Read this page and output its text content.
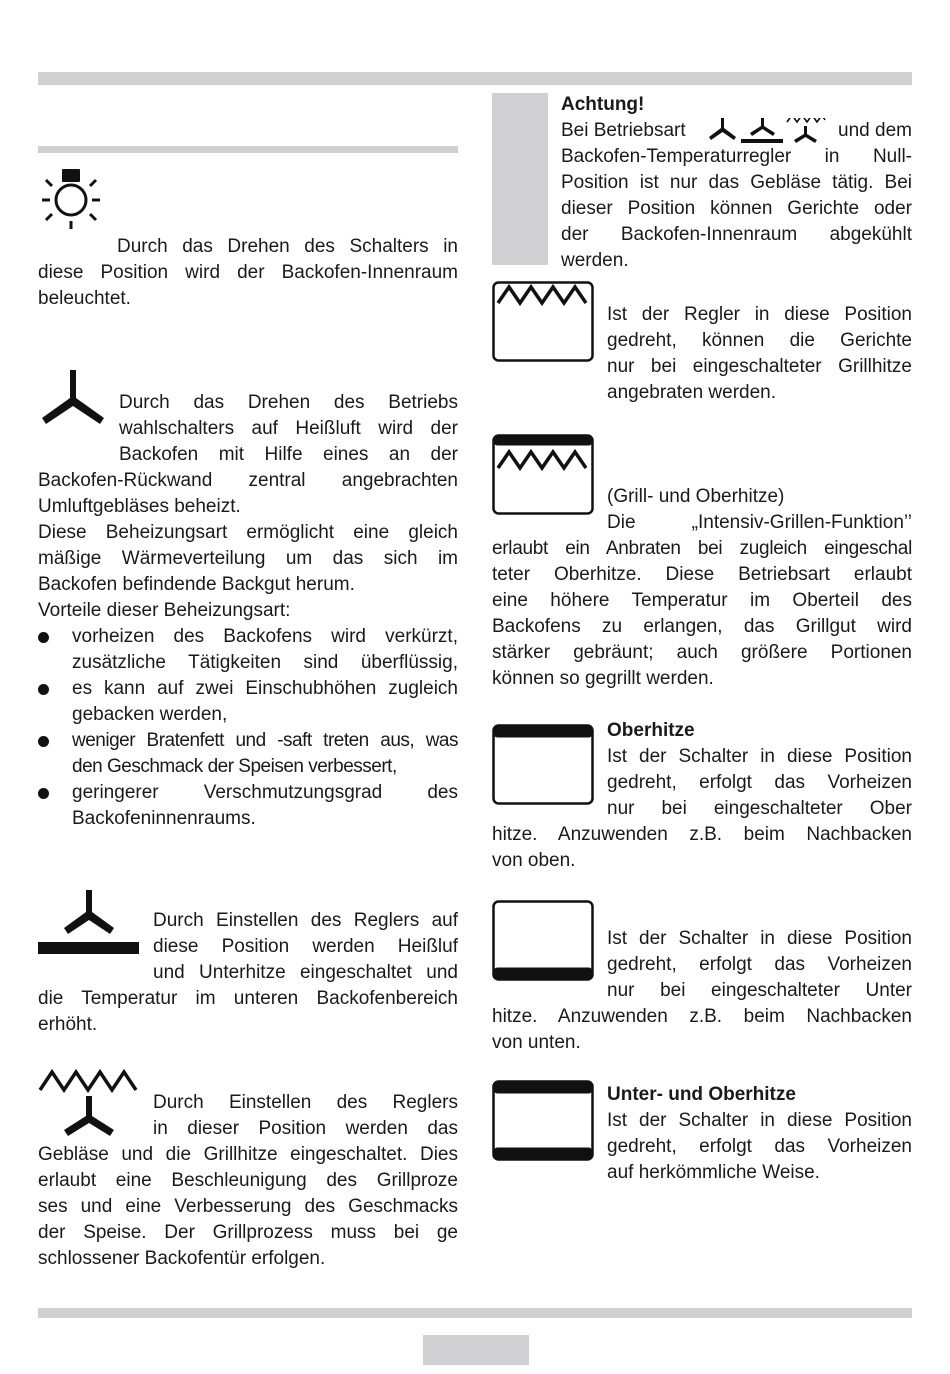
Durch das Drehen des Schalters in
diese Position wird der Backofen-Innenraum
beleuchtet.
Durch das Drehen des Betriebs
wahlschalters auf Heißluft wird der
Backofen mit Hilfe eines an der
Backofen-Rückwand zentral angebrachten
Umluftgebläses beheizt.
Diese Beheizungsart ermöglicht eine gleich
mäßige Wärmeverteilung um das sich im
Backofen befindende Backgut herum.
Vorteile dieser Beheizungsart:
vorheizen des Backofens wird verkürzt,
zusätzliche Tätigkeiten sind überflüssig,
es kann auf zwei Einschubhöhen zugleich
gebacken werden,
weniger Bratenfett und -saft treten aus, was
den Geschmack der Speisen verbessert,
geringerer Verschmutzungsgrad des
Backofeninnenraums.
Durch Einstellen des Reglers auf
diese Position werden Heißluf
und Unterhitze eingeschaltet und
die Temperatur im unteren Backofenbereich
erhöht.
Durch Einstellen des Reglers
in dieser Position werden das
Gebläse und die Grillhitze eingeschaltet. Dies
erlaubt eine Beschleunigung des Grillproze
ses und eine Verbesserung des Geschmacks
der Speise. Der Grillprozess muss bei ge
schlossener Backofentür erfolgen.
Achtung!
Bei Betriebsart	und dem
Backofen-Temperaturregler in Null-
Position ist nur das Gebläse tätig. Bei
dieser Position können Gerichte oder
der Backofen-Innenraum abgekühlt
werden.
Ist der Regler in diese Position
gedreht, können die Gerichte
nur bei eingeschalteter Grillhitze
angebraten werden.
(Grill- und Oberhitze)
Die „Intensiv-Grillen-Funktion’’
erlaubt ein Anbraten bei zugleich eingeschal
teter Oberhitze. Diese Betriebsart erlaubt
eine höhere Temperatur im Oberteil des
Backofens zu erlangen, das Grillgut wird
stärker gebräunt; auch größere Portionen
können so gegrillt werden.
Oberhitze
Ist der Schalter in diese Position
gedreht, erfolgt das Vorheizen
nur bei eingeschalteter Ober
hitze. Anzuwenden z.B. beim Nachbacken
von oben.
Ist der Schalter in diese Position
gedreht, erfolgt das Vorheizen
nur bei eingeschalteter Unter
hitze. Anzuwenden z.B. beim Nachbacken
von unten.
Unter- und Oberhitze
Ist der Schalter in diese Position
gedreht, erfolgt das Vorheizen
auf herkömmliche Weise.
